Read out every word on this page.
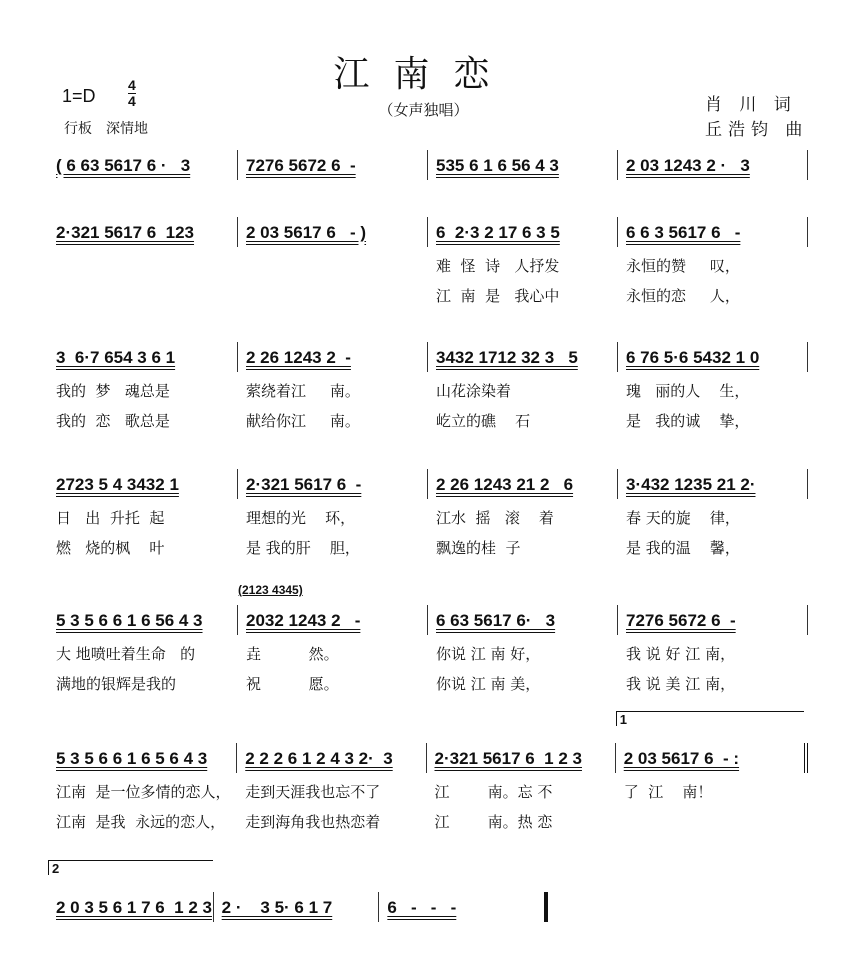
江南恋
（女声独唱）
1=D
4
4
行板　深情地
肖 川 词
丘浩钧 曲
( 6 63 5617 6 ·   3	7276 5672 6  -	535 6 1 6 56 4 3	2 03 1243 2 ·   3
2·321 5617 6  123	2 03 5617 6   - )	6  2·3 2 17 6 3 5
难  怪  诗   人抒发
江  南  是   我心中
6 6 3 5617 6   -
永恒的赞     叹，
永恒的恋     人，
3  6·7 654 3 6 1
我的  梦   魂总是
我的  恋   歌总是
2 26 1243 2  -
萦绕着江     南。
献给你江     南。
3432 1712 32 3   5
山花涂染着
屹立的礁    石
6 76 5·6 5432 1 0
瑰   丽的人    生，
是   我的诚    挚，
2723 5 4 3432 1
日   出  升托  起
燃   烧的枫    叶
2·321 5617 6  -
理想的光    环，
是 我的肝    胆，
2 26 1243 21 2   6
江水  摇   滚    着
飘逸的桂  子
3·432 1235 21 2·
春 天的旋    律，
是 我的温    馨，
5 3 5 6 6 1 6 56 4 3
大 地喷吐着生命   的
满地的银辉是我的
2032 1243 2   -
(2123 4345)
垚          然。
祝          愿。
6 63 5617 6·   3
你说 江 南 好，
你说 江 南 美，
7276 5672 6  -
我 说 好 江 南，
我 说 美 江 南，
5 3 5 6 6 1 6 5 6 4 3
江南  是一位多情的恋人，
江南  是我  永远的恋人，
2 2 2 6 1 2 4 3 2·  3
走到天涯我也忘不了
走到海角我也热恋着
2·321 5617 6  1 2 3
江        南。忘 不
江        南。热 恋
2 03 5617 6  - :
1
了  江    南！
2 0 3 5 6 1 7 6  1 2 3
2
2 ·    3 5· 6 1 7	6   -   -   -
